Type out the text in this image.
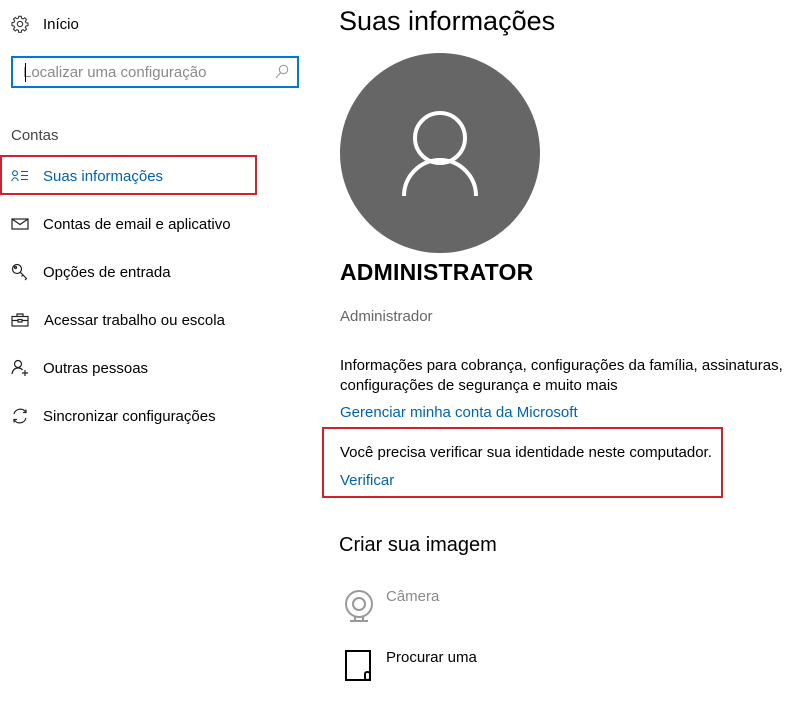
Início
Localizar uma configuração
Contas
Suas informações
Contas de email e aplicativo
Opções de entrada
Acessar trabalho ou escola
Outras pessoas
Sincronizar configurações
Suas informações
ADMINISTRATOR
Administrador
Informações para cobrança, configurações da família, assinaturas,
configurações de segurança e muito mais
Gerenciar minha conta da Microsoft
Você precisa verificar sua identidade neste computador.
Verificar
Criar sua imagem
Câmera
Procurar uma
